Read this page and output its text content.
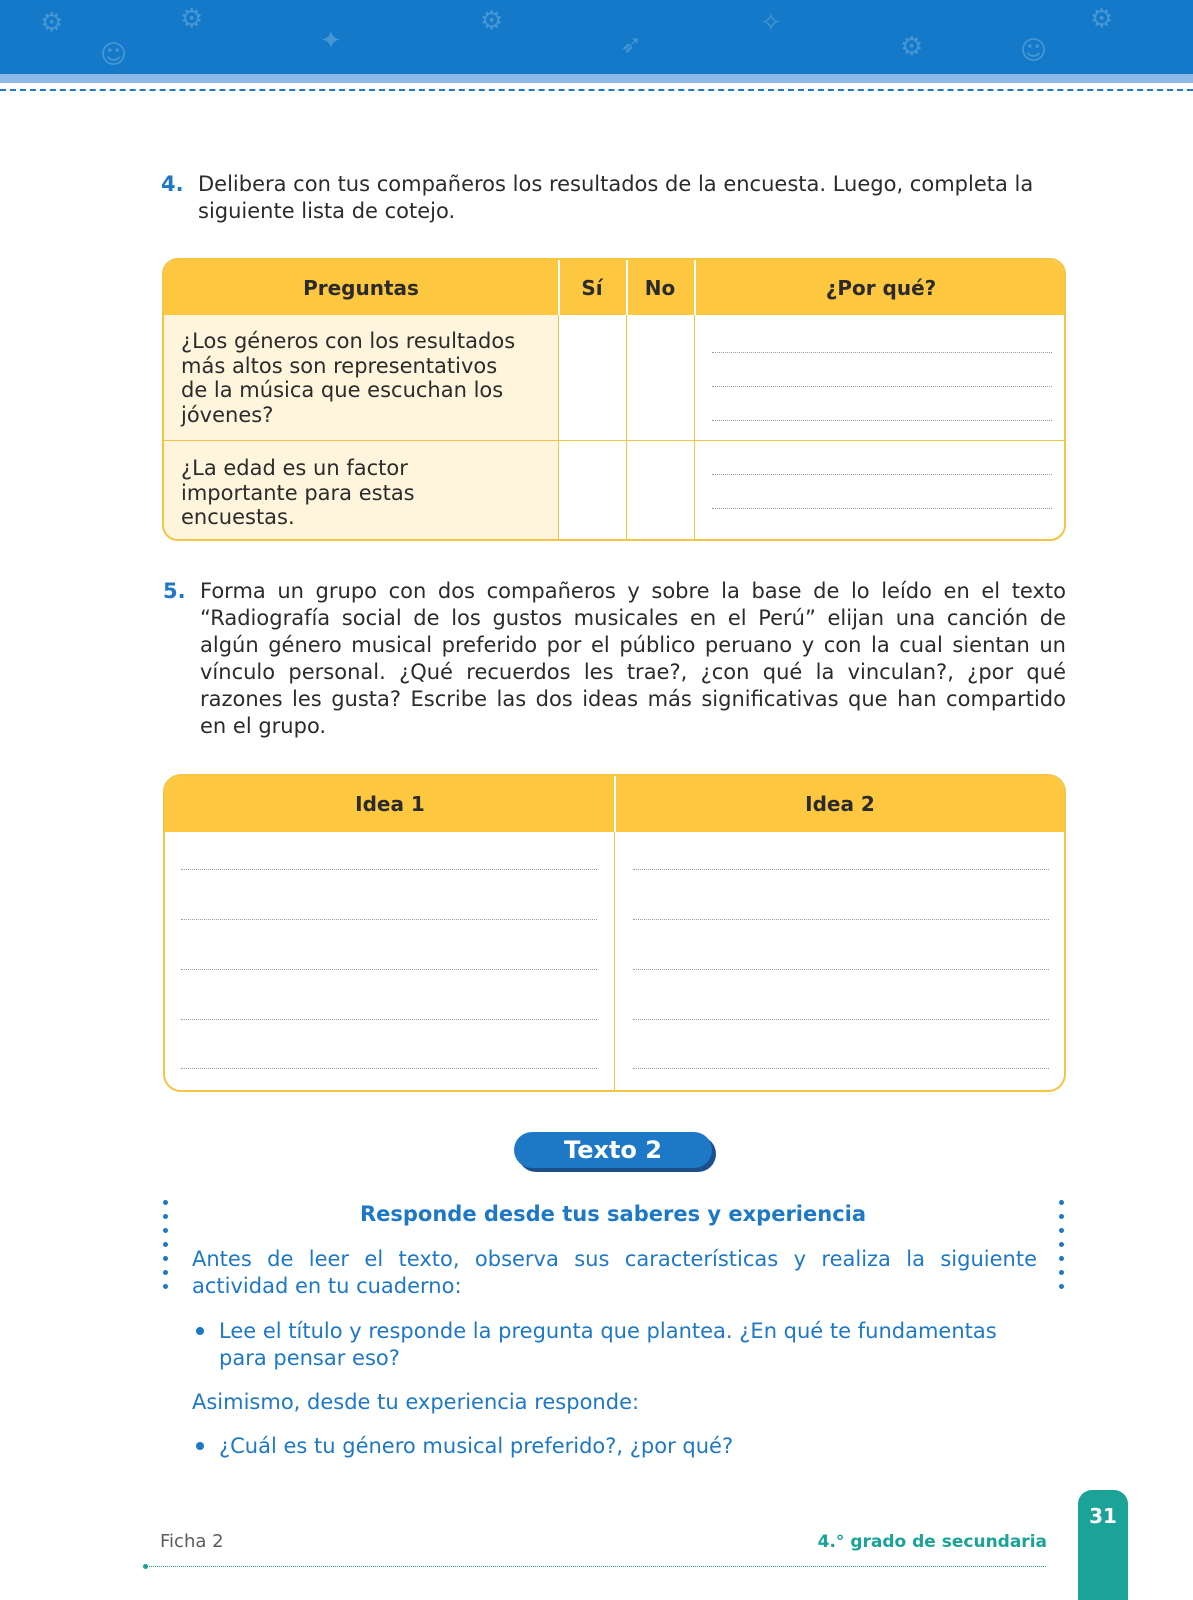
⚙	⚙
✦
⚙
➶
✧
⚙
⚙
☺
☺
4. Delibera con tus compañeros los resultados de la encuesta. Luego, completa la siguiente lista de cotejo.
Preguntas	Sí	No	¿Por qué?
¿Los géneros con los resultados
más altos son representativos
de la música que escuchan los
jóvenes?
¿La edad es un factor
importante para estas
encuestas.
5. Forma un grupo con dos compañeros y sobre la base de lo leído en el texto “Radiografía social de los gustos musicales en el Perú” elijan una canción de algún género musical preferido por el público peruano y con la cual sientan un vínculo personal. ¿Qué recuerdos les trae?, ¿con qué la vinculan?, ¿por qué razones les gusta? Escribe las dos ideas más significativas que han compartido en el grupo.
Idea 1	Idea 2
Texto 2
Responde desde tus saberes y experiencia
Antes de leer el texto, observa sus características y realiza la siguiente actividad en tu cuaderno:
Lee el título y responde la pregunta que plantea. ¿En qué te fundamentas para pensar eso?
Asimismo, desde tu experiencia responde:
¿Cuál es tu género musical preferido?, ¿por qué?
Ficha 2	4.° grado de secundaria
31
